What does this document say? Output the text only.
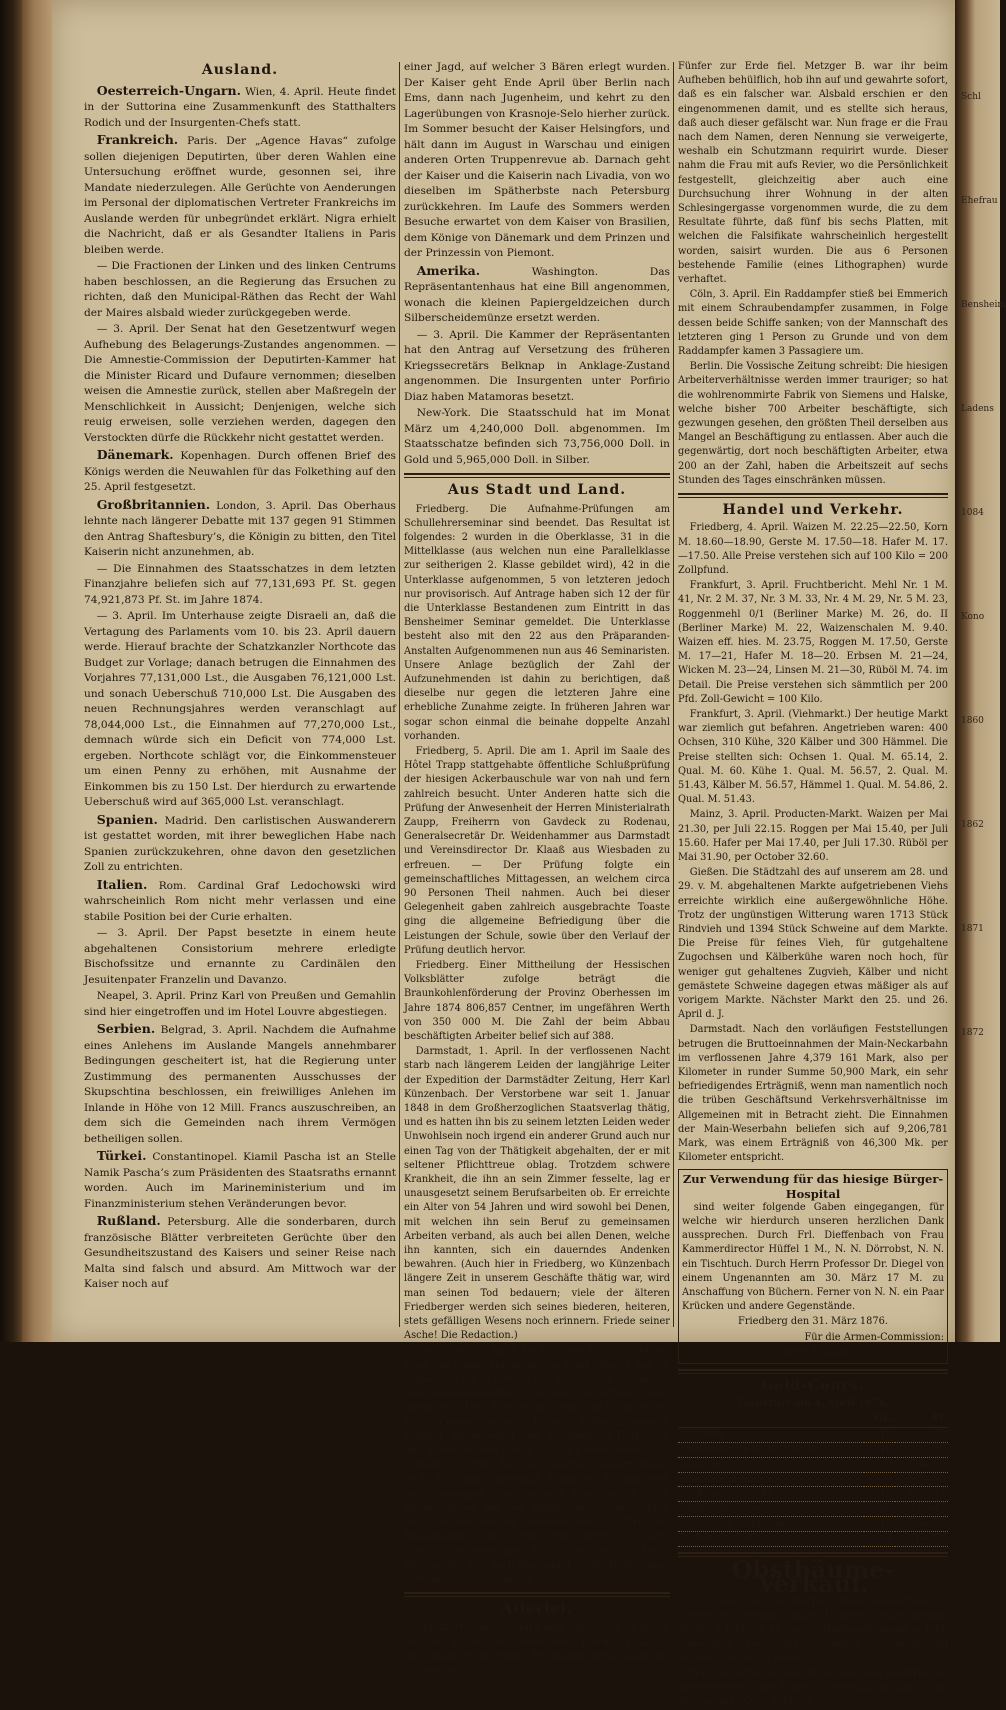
Ausland.

Oesterreich-Ungarn. Wien, 4. April. Heute findet in der Suttorina eine Zusammenkunft des Statthalters Rodich und der Insurgenten-Chefs statt.

Frankreich. Paris. Der „Agence Havas“ zufolge sollen diejenigen Deputirten, über deren Wahlen eine Untersuchung eröffnet wurde, gesonnen sei, ihre Mandate niederzulegen. Alle Gerüchte von Aenderungen im Personal der diplomatischen Vertreter Frankreichs im Auslande werden für unbegründet erklärt. Nigra erhielt die Nachricht, daß er als Gesandter Italiens in Paris bleiben werde.

— Die Fractionen der Linken und des linken Centrums haben beschlossen, an die Regierung das Ersuchen zu richten, daß den Municipal-Räthen das Recht der Wahl der Maires alsbald wieder zurückgegeben werde.

— 3. April. Der Senat hat den Gesetzentwurf wegen Aufhebung des Belagerungs-Zustandes angenommen. — Die Amnestie-Commission der Deputirten-Kammer hat die Minister Ricard und Dufaure vernommen; dieselben weisen die Amnestie zurück, stellen aber Maßregeln der Menschlichkeit in Aussicht; Denjenigen, welche sich reuig erweisen, solle verziehen werden, dagegen den Verstockten dürfe die Rückkehr nicht gestattet werden.

Dänemark. Kopenhagen. Durch offenen Brief des Königs werden die Neuwahlen für das Folkething auf den 25. April festgesetzt.

Großbritannien. London, 3. April. Das Oberhaus lehnte nach längerer Debatte mit 137 gegen 91 Stimmen den Antrag Shaftesbury’s, die Königin zu bitten, den Titel Kaiserin nicht anzunehmen, ab.

— Die Einnahmen des Staatsschatzes in dem letzten Finanzjahre beliefen sich auf 77,131,693 Pf. St. gegen 74,921,873 Pf. St. im Jahre 1874.

— 3. April. Im Unterhause zeigte Disraeli an, daß die Vertagung des Parlaments vom 10. bis 23. April dauern werde. Hierauf brachte der Schatzkanzler Northcote das Budget zur Vorlage; danach betrugen die Einnahmen des Vorjahres 77,131,000 Lst., die Ausgaben 76,121,000 Lst. und sonach Ueberschuß 710,000 Lst. Die Ausgaben des neuen Rechnungsjahres werden veranschlagt auf 78,044,000 Lst., die Einnahmen auf 77,270,000 Lst., demnach würde sich ein Deficit von 774,000 Lst. ergeben. Northcote schlägt vor, die Einkommensteuer um einen Penny zu erhöhen, mit Ausnahme der Einkommen bis zu 150 Lst. Der hierdurch zu erwartende Ueberschuß wird auf 365,000 Lst. veranschlagt.

Spanien. Madrid. Den carlistischen Auswanderern ist gestattet worden, mit ihrer beweglichen Habe nach Spanien zurückzukehren, ohne davon den gesetzlichen Zoll zu entrichten.

Italien. Rom. Cardinal Graf Ledochowski wird wahrscheinlich Rom nicht mehr verlassen und eine stabile Position bei der Curie erhalten.

— 3. April. Der Papst besetzte in einem heute abgehaltenen Consistorium mehrere erledigte Bischofssitze und ernannte zu Cardinälen den Jesuitenpater Franzelin und Davanzo.

Neapel, 3. April. Prinz Karl von Preußen und Gemahlin sind hier eingetroffen und im Hotel Louvre abgestiegen.

Serbien. Belgrad, 3. April. Nachdem die Aufnahme eines Anlehens im Auslande Mangels annehmbarer Bedingungen gescheitert ist, hat die Regierung unter Zustimmung des permanenten Ausschusses der Skupschtina beschlossen, ein freiwilliges Anlehen im Inlande in Höhe von 12 Mill. Francs auszuschreiben, an dem sich die Gemeinden nach ihrem Vermögen betheiligen sollen.

Türkei. Constantinopel. Kiamil Pascha ist an Stelle Namik Pascha’s zum Präsidenten des Staatsraths ernannt worden. Auch im Marineministerium und im Finanzministerium stehen Veränderungen bevor.

Rußland. Petersburg. Alle die sonderbaren, durch französische Blätter verbreiteten Gerüchte über den Gesundheitszustand des Kaisers und seiner Reise nach Malta sind falsch und absurd. Am Mittwoch war der Kaiser noch auf

einer Jagd, auf welcher 3 Bären erlegt wurden. Der Kaiser geht Ende April über Berlin nach Ems, dann nach Jugenheim, und kehrt zu den Lagerübungen von Krasnoje-Selo hierher zurück. Im Sommer besucht der Kaiser Helsingfors, und hält dann im August in Warschau und einigen anderen Orten Truppenrevue ab. Darnach geht der Kaiser und die Kaiserin nach Livadia, von wo dieselben im Spätherbste nach Petersburg zurückkehren. Im Laufe des Sommers werden Besuche erwartet von dem Kaiser von Brasilien, dem Könige von Dänemark und dem Prinzen und der Prinzessin von Piemont.

Amerika.	Washington. Das Repräsentantenhaus hat eine Bill angenommen, wonach die kleinen Papiergeldzeichen durch Silberscheidemünze ersetzt werden.

— 3. April. Die Kammer der Repräsentanten hat den Antrag auf Versetzung des früheren Kriegssecretärs Belknap in Anklage-Zustand angenommen. Die Insurgenten unter Porfirio Diaz haben Matamoras besetzt.

New-York. Die Staatsschuld hat im Monat März um 4,240,000 Doll. abgenommen. Im Staatsschatze befinden sich 73,756,000 Doll. in Gold und 5,965,000 Doll. in Silber.

Aus Stadt und Land.

Friedberg. Die Aufnahme-Prüfungen am Schullehrerseminar sind beendet. Das Resultat ist folgendes: 2 wurden in die Oberklasse, 31 in die Mittelklasse (aus welchen nun eine Parallelklasse zur seitherigen 2. Klasse gebildet wird), 42 in die Unterklasse aufgenommen, 5 von letzteren jedoch nur provisorisch. Auf Antrage haben sich 12 der für die Unterklasse Bestandenen zum Eintritt in das Bensheimer Seminar gemeldet. Die Unterklasse besteht also mit den 22 aus den Präparanden-Anstalten Aufgenommenen nun aus 46 Seminaristen. Unsere Anlage bezüglich der Zahl der Aufzunehmenden ist dahin zu berichtigen, daß dieselbe nur gegen die letzteren Jahre eine erhebliche Zunahme zeigte. In früheren Jahren war sogar schon einmal die beinahe doppelte Anzahl vorhanden.

Friedberg, 5. April. Die am 1. April im Saale des Hôtel Trapp stattgehabte öffentliche Schlußprüfung der hiesigen Ackerbauschule war von nah und fern zahlreich besucht. Unter Anderen hatte sich die Prüfung der Anwesenheit der Herren Ministerialrath Zaupp, Freiherrn von Gavdeck zu Rodenau, Generalsecretär Dr. Weidenhammer aus Darmstadt und Vereinsdirector Dr. Klaaß aus Wiesbaden zu erfreuen. — Der Prüfung folgte ein gemeinschaftliches Mittagessen, an welchem circa 90 Personen Theil nahmen. Auch bei dieser Gelegenheit gaben zahlreich ausgebrachte Toaste ging die allgemeine Befriedigung über die Leistungen der Schule, sowie über den Verlauf der Prüfung deutlich hervor.

Friedberg. Einer Mittheilung der Hessischen Volksblätter zufolge beträgt die Braunkohlenförderung der Provinz Oberhessen im Jahre 1874 806,857 Centner, im ungefähren Werth von 350 000 M. Die Zahl der beim Abbau beschäftigten Arbeiter belief sich auf 388.

Darmstadt, 1. April. In der verflossenen Nacht starb nach längerem Leiden der langjährige Leiter der Expedition der Darmstädter Zeitung, Herr Karl Künzenbach. Der Verstorbene war seit 1. Januar 1848 in dem Großherzoglichen Staatsverlag thätig, und es hatten ihn bis zu seinem letzten Leiden weder Unwohlsein noch irgend ein anderer Grund auch nur einen Tag von der Thätigkeit abgehalten, der er mit seltener Pflichttreue oblag. Trotzdem schwere Krankheit, die ihn an sein Zimmer fesselte, lag er unausgesetzt seinem Berufsarbeiten ob. Er erreichte ein Alter von 54 Jahren und wird sowohl bei Denen, mit welchen ihn sein Beruf zu gemeinsamen Arbeiten verband, als auch bei allen Denen, welche ihn kannten, sich ein dauerndes Andenken bewahren. (Auch hier in Friedberg, wo Künzenbach längere Zeit in unserem Geschäfte thätig war, wird man seinen Tod bedauern; viele der älteren Friedberger werden sich seines biederen, heiteren, stets gefälligen Wesens noch erinnern. Friede seiner Asche! Die Redaction.)

Darmstadt, 2. April. Gestern wurde ein 7jähriges Kind von einem Manne in den Wald gelockt und an demselben ein schreckliches Verbrechen begangen. Das beklagenswerthe Opfer liegt nun schwer krank darnieder. Der Verbrecher war nach Arbeitern flüchtig geworden, heißt Heinrich Wilhelm, genannt Schmitt, ist gebürtig und wohnhaft zu Darmstadt und wurde gestern Abend glücklich eingebracht.

Mainz, 3. April. Bei dem Gewitter gestern Abend ist in Heilsheim unterhalb Mainz ein Wolkenbruch niedergegangen, der mehrere Wohnhäuser stark mitgenommen und den Bahnkörper so beschädigt hat, daß der Betrieb unterbrochen ist. Zwischen Bischofsheim und Groß-Gerau fielen bei dem Gewitter so massenhaft Kiesel, daß noch als heute Morgen der Zug nach Darmstadt vorüberfuhr, ganze Strecken weiß erschienen.

Allerlei.

Frankfurt. Am 28. März kam eine Frau zu einem Metzger in der Weißadlergasse, machte Einkäufe und bezahlte mit einem Fünfmarkschein, wobei ihr ein weiterer

Fünfer zur Erde fiel. Metzger B. war ihr beim Aufheben behülflich, hob ihn auf und gewahrte sofort, daß es ein falscher war. Alsbald erschien er den eingenommenen damit, und es stellte sich heraus, daß auch dieser gefälscht war. Nun frage er die Frau nach dem Namen, deren Nennung sie verweigerte, weshalb ein Schutzmann requirirt wurde. Dieser nahm die Frau mit aufs Revier, wo die Persönlichkeit festgestellt, gleichzeitig aber auch eine Durchsuchung ihrer Wohnung in der alten Schlesingergasse vorgenommen wurde, die zu dem Resultate führte, daß fünf bis sechs Platten, mit welchen die Falsifikate wahrscheinlich hergestellt worden, saisirt wurden. Die aus 6 Personen bestehende Familie (eines Lithographen) wurde verhaftet.

Cöln, 3. April. Ein Raddampfer stieß bei Emmerich mit einem Schraubendampfer zusammen, in Folge dessen beide Schiffe sanken; von der Mannschaft des letzteren ging 1 Person zu Grunde und von dem Raddampfer kamen 3 Passagiere um.

Berlin. Die Vossische Zeitung schreibt: Die hiesigen Arbeiterverhältnisse werden immer trauriger; so hat die wohlrenommirte Fabrik von Siemens und Halske, welche bisher 700 Arbeiter beschäftigte, sich gezwungen gesehen, den größten Theil derselben aus Mangel an Beschäftigung zu entlassen. Aber auch die gegenwärtig, dort noch beschäftigten Arbeiter, etwa 200 an der Zahl, haben die Arbeitszeit auf sechs Stunden des Tages einschränken müssen.

Handel und Verkehr.

Friedberg, 4. April. Waizen M. 22.25—22.50, Korn M. 18.60—18.90, Gerste M. 17.50—18. Hafer M. 17.—17.50. Alle Preise verstehen sich auf 100 Kilo = 200 Zollpfund.

Frankfurt, 3. April. Fruchtbericht. Mehl Nr. 1 M. 41, Nr. 2 M. 37, Nr. 3 M. 33, Nr. 4 M. 29, Nr. 5 M. 23, Roggenmehl 0/1 (Berliner Marke) M. 26, do. II (Berliner Marke) M. 22, Waizenschalen M. 9.40. Waizen eff. hies. M. 23.75, Roggen M. 17.50, Gerste M. 17—21, Hafer M. 18—20. Erbsen M. 21—24, Wicken M. 23—24, Linsen M. 21—30, Rüböl M. 74. im Detail. Die Preise verstehen sich sämmtlich per 200 Pfd. Zoll-Gewicht = 100 Kilo.

Frankfurt, 3. April. (Viehmarkt.) Der heutige Markt war ziemlich gut befahren. Angetrieben waren: 400 Ochsen, 310 Kühe, 320 Kälber und 300 Hämmel. Die Preise stellten sich: Ochsen 1. Qual. M. 65.14, 2. Qual. M. 60. Kühe 1. Qual. M. 56.57, 2. Qual. M. 51.43, Kälber M. 56.57, Hämmel 1. Qual. M. 54.86, 2. Qual. M. 51.43.

Mainz, 3. April. Producten-Markt. Waizen per Mai 21.30, per Juli 22.15. Roggen per Mai 15.40, per Juli 15.60. Hafer per Mai 17.40, per Juli 17.30. Rüböl per Mai 31.90, per October 32.60.

Gießen. Die Städtzahl des auf unserem am 28. und 29. v. M. abgehaltenen Markte aufgetriebenen Viehs erreichte wirklich eine außergewöhnliche Höhe. Trotz der ungünstigen Witterung waren 1713 Stück Rindvieh und 1394 Stück Schweine auf dem Markte. Die Preise für feines Vieh, für gutgehaltene Zugochsen und Kälberkühe waren noch hoch, für weniger gut gehaltenes Zugvieh, Kälber und nicht gemästete Schweine dagegen etwas mäßiger als auf vorigem Markte. Nächster Markt den 25. und 26. April d. J.

Darmstadt. Nach den vorläufigen Feststellungen betrugen die Bruttoeinnahmen der Main-Neckarbahn im verflossenen Jahre 4,379 161 Mark, also per Kilometer in runder Summe 50,900 Mark, ein sehr befriedigendes Erträgniß, wenn man namentlich noch die trüben Geschäftsund Verkehrsverhältnisse im Allgemeinen mit in Betracht zieht. Die Einnahmen der Main-Weserbahn beliefen sich auf 9,206,781 Mark, was einem Erträgniß von 46,300 Mk. per Kilometer entspricht.

Zur Verwendung für das hiesige Bürger-Hospital

sind weiter folgende Gaben eingegangen, für welche wir hierdurch unseren herzlichen Dank aussprechen. Durch Frl. Dieffenbach von Frau Kammerdirector Hüffel 1 M., N. N. Dörrobst, N. N. ein Tischtuch. Durch Herrn Professor Dr. Diegel von einem Ungenannten am 30. März 17 M. zu Anschaffung von Büchern. Ferner von N. N. ein Paar Krücken und andere Gegenstände.

Friedberg den 31. März 1876.

Für die Armen-Commission:

Meyer. Foucar.

Geld-Cours.
Frankfurt am 4. April 1876.
	Mk.	Pf.
Pistolen	16	35
Holländische fl. 10-Stücke	16	65
Ducaten	9	50—55
Ducaten al marco	9	57—62
20-Francs-Stücke	16	23—27
Englische Sovereigns	20	42—47
Russische Imperiales	16	70—75
Dollars in Gold	4	16—19
Obstbäume-Verkauf.

1037 Aus der von Harnier’schen Baumschule zu Häuserhof werden einige Hundert hochstämmige Aepfel à 1 M. 20 Pf., sowie Halbhochstämme à 1 M. abgegeben. Auch sind Pyramiden in Aepfel und Birnen daselbst zu haben.

Was die Sorten anbelangt, so wird den verehrlichen Interessenten eine hübsche Auswahl in Tafel- und Wirthschafts-Obst geboten.

Schl
Ehefrau
Bensheim
Ladens
1084
Kono
1860
1862
1871
1872
